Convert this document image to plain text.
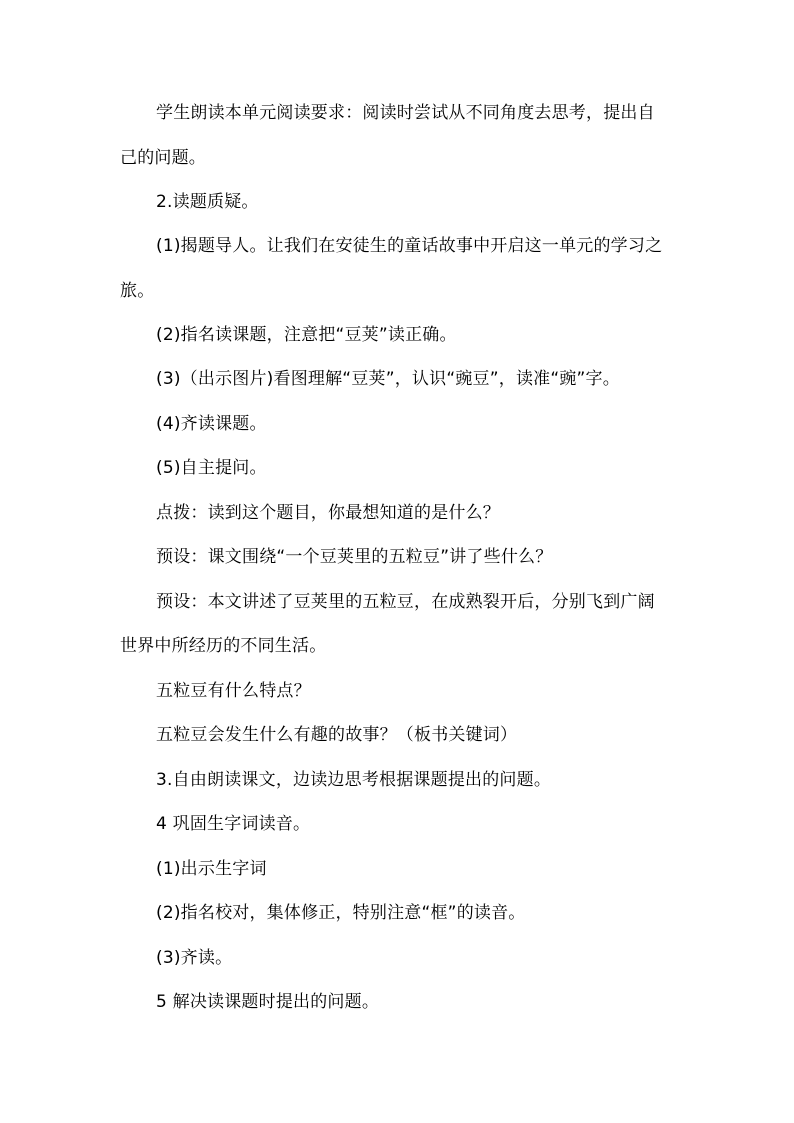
学生朗读本单元阅读要求：阅读时尝试从不同角度去思考，提出自
己的问题。
2.读题质疑。
(1)揭题导人。让我们在安徒生的童话故事中开启这一单元的学习之
旅。
(2)指名读课题，注意把“豆荚”读正确。
(3)（出示图片)看图理解“豆荚”，认识“豌豆”，读准“豌”字。
(4)齐读课题。
(5)自主提问。
点拨：读到这个题目，你最想知道的是什么？
预设：课文围绕“一个豆荚里的五粒豆”讲了些什么？
预设：本文讲述了豆荚里的五粒豆，在成熟裂开后，分别飞到广阔
世界中所经历的不同生活。
五粒豆有什么特点？
五粒豆会发生什么有趣的故事？（板书关键词）
3.自由朗读课文，边读边思考根据课题提出的问题。
4 巩固生字词读音。
(1)出示生字词
(2)指名校对，集体修正，特别注意“框”的读音。
(3)齐读。
5 解决读课题时提出的问题。
